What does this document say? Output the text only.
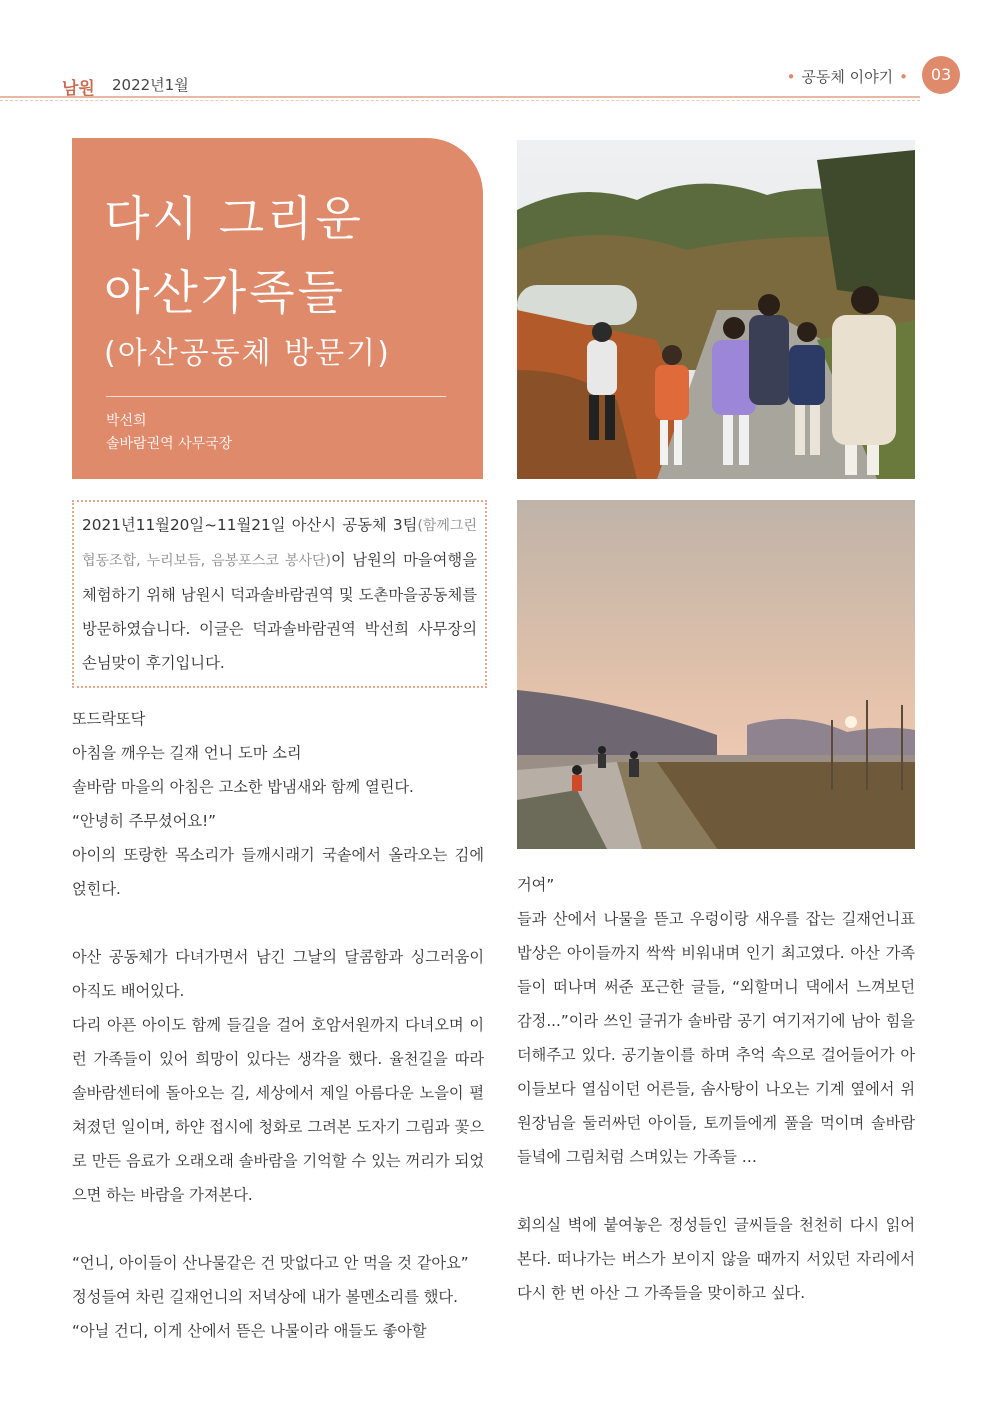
남원 2022년1월	• 공동체 이야기 •	03
다시 그리운
아산가족들
(아산공동체 방문기)
박선희
솔바람권역 사무국장

2021년11월20일~11월21일 아산시 공동체 3팀(함께그린협동조합, 누리보듬, 음봉포스코 봉사단)이 남원의 마을여행을 체험하기 위해 남원시 덕과솔바람권역 및 도촌마을공동체를 방문하였습니다. 이글은 덕과솔바람권역 박선희 사무장의 손님맞이 후기입니다.

또드락또닥

아침을 깨우는 길재 언니 도마 소리

솔바람 마을의 아침은 고소한 밥냄새와 함께 열린다.

“안녕히 주무셨어요!”

아이의 또랑한 목소리가 들깨시래기 국솥에서 올라오는 김에 얹힌다.

아산 공동체가 다녀가면서 남긴 그날의 달콤함과 싱그러움이 아직도 배어있다.

다리 아픈 아이도 함께 들길을 걸어 호암서원까지 다녀오며 이런 가족들이 있어 희망이 있다는 생각을 했다. 율천길을 따라 솔바람센터에 돌아오는 길, 세상에서 제일 아름다운 노을이 펼쳐졌던 일이며, 하얀 접시에 청화로 그려본 도자기 그림과 꽃으로 만든 음료가 오래오래 솔바람을 기억할 수 있는 꺼리가 되었으면 하는 바람을 가져본다.

“언니, 아이들이 산나물같은 건 맛없다고 안 먹을 것 같아요”

정성들여 차린 길재언니의 저녁상에 내가 볼멘소리를 했다.

“아닐 건디, 이게 산에서 뜯은 나물이라 애들도 좋아할

거여”

들과 산에서 나물을 뜯고 우렁이랑 새우를 잡는 길재언니표 밥상은 아이들까지 싹싹 비워내며 인기 최고였다. 아산 가족들이 떠나며 써준 포근한 글들, “외할머니 댁에서 느껴보던 감정...”이라 쓰인 글귀가 솔바람 공기 여기저기에 남아 힘을 더해주고 있다. 공기놀이를 하며 추억 속으로 걸어들어가 아이들보다 열심이던 어른들, 솜사탕이 나오는 기계 옆에서 위원장님을 둘러싸던 아이들, 토끼들에게 풀을 먹이며 솔바람 들녘에 그림처럼 스며있는 가족들 …

회의실 벽에 붙여놓은 정성들인 글씨들을 천천히 다시 읽어본다. 떠나가는 버스가 보이지 않을 때까지 서있던 자리에서 다시 한 번 아산 그 가족들을 맞이하고 싶다.
